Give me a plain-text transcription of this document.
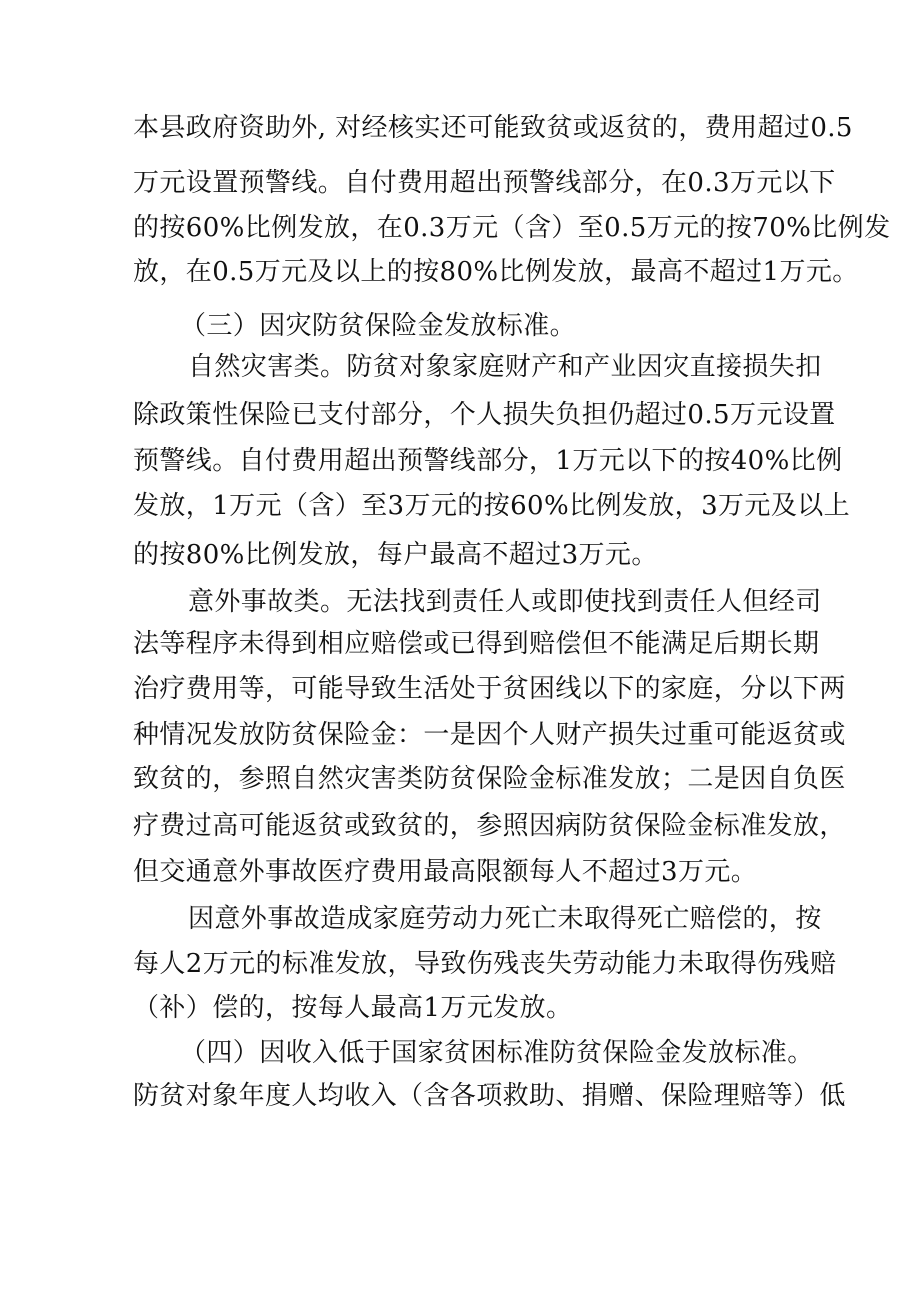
本县政府资助外, 对经核实还可能致贫或返贫的，费用超过0.5
万元设置预警线。自付费用超出预警线部分，在0.3万元以下
的按60%比例发放，在0.3万元（含）至0.5万元的按70%比例发
放，在0.5万元及以上的按80%比例发放，最高不超过1万元。
（三）因灾防贫保险金发放标准。
自然灾害类。防贫对象家庭财产和产业因灾直接损失扣
除政策性保险已支付部分，个人损失负担仍超过0.5万元设置
预警线。自付费用超出预警线部分，1万元以下的按40%比例
发放，1万元（含）至3万元的按60%比例发放，3万元及以上
的按80%比例发放，每户最高不超过3万元。
意外事故类。无法找到责任人或即使找到责任人但经司
法等程序未得到相应赔偿或已得到赔偿但不能满足后期长期
治疗费用等，可能导致生活处于贫困线以下的家庭，分以下两
种情况发放防贫保险金：一是因个人财产损失过重可能返贫或
致贫的，参照自然灾害类防贫保险金标准发放；二是因自负医
疗费过高可能返贫或致贫的，参照因病防贫保险金标准发放，
但交通意外事故医疗费用最高限额每人不超过3万元。
因意外事故造成家庭劳动力死亡未取得死亡赔偿的，按
每人2万元的标准发放，导致伤残丧失劳动能力未取得伤残赔
（补）偿的，按每人最高1万元发放。
（四）因收入低于国家贫困标准防贫保险金发放标准。
防贫对象年度人均收入（含各项救助、捐赠、保险理赔等）低
